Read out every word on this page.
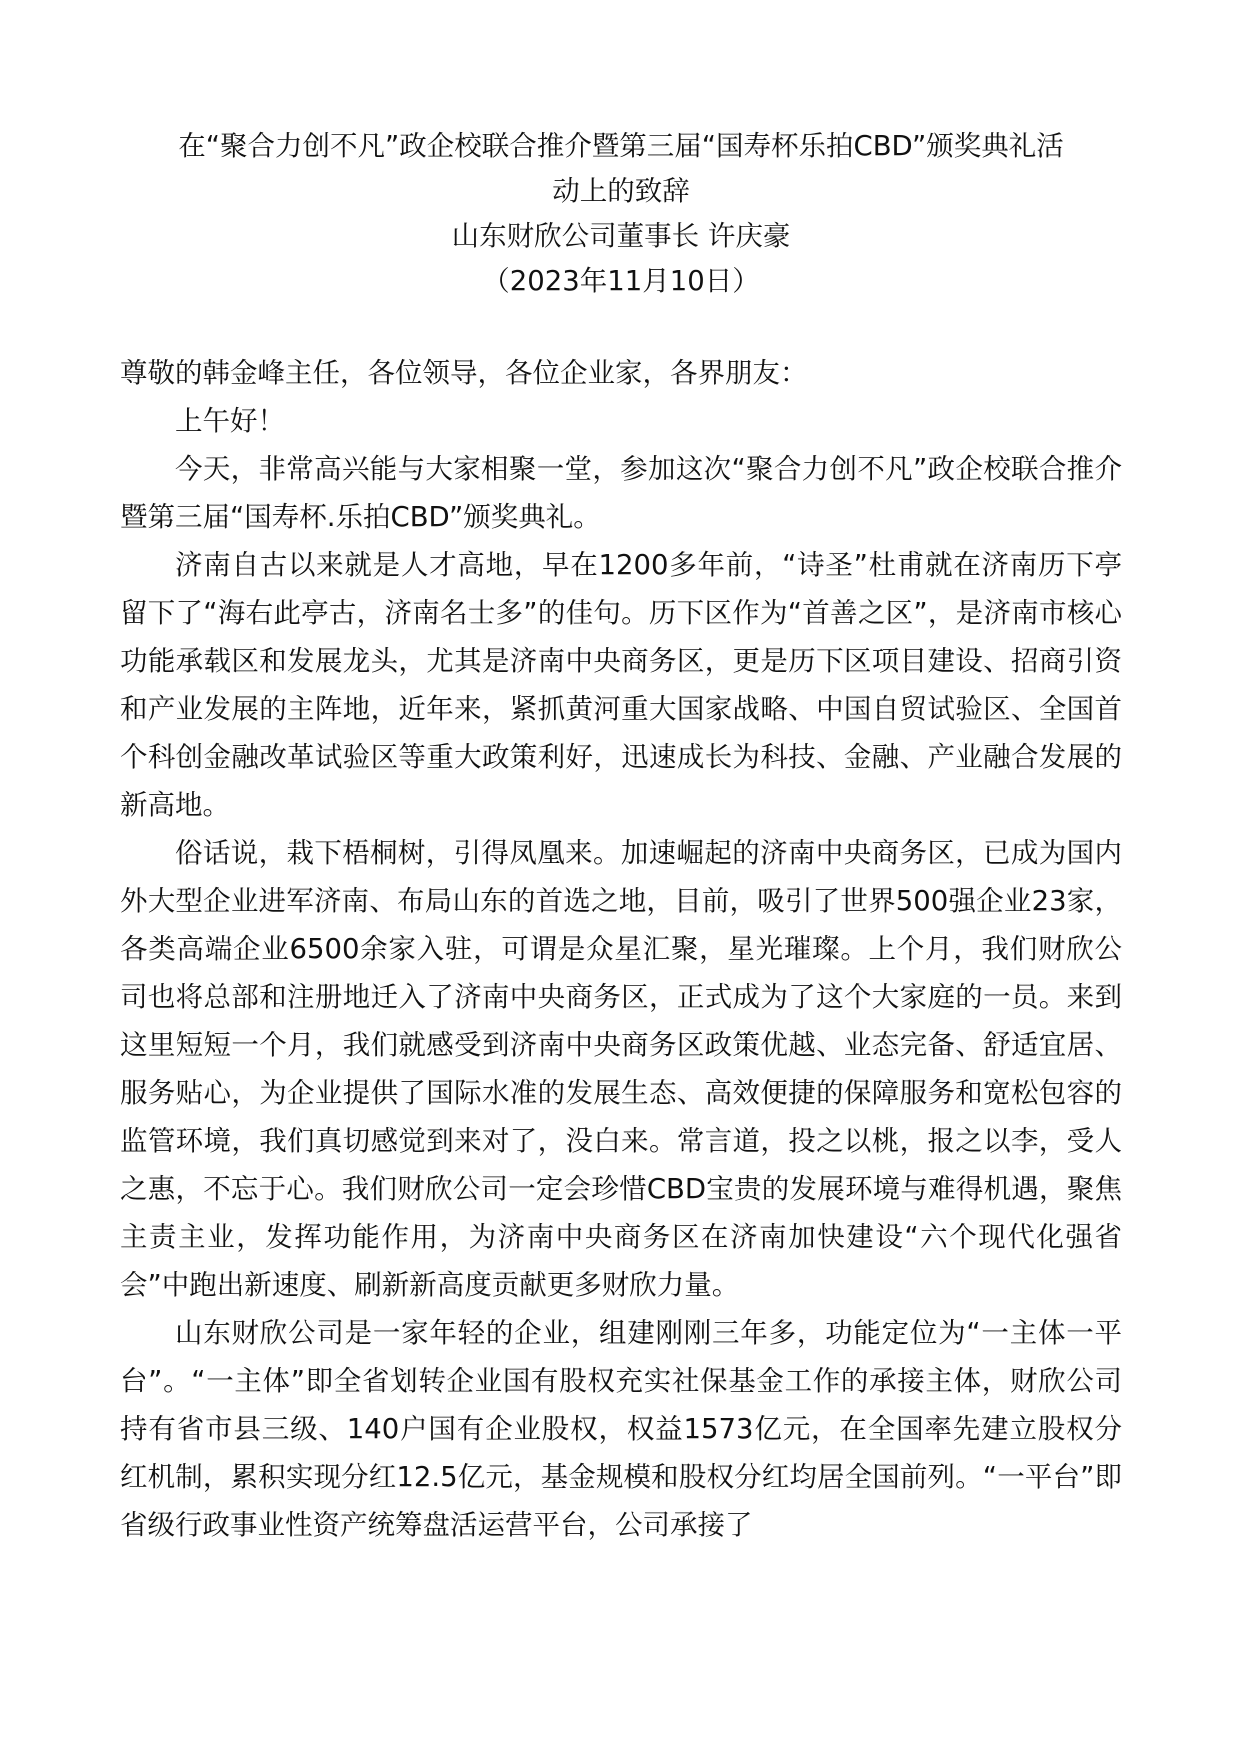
在“聚合力创不凡”政企校联合推介暨第三届“国寿杯乐拍CBD”颁奖典礼活
动上的致辞
山东财欣公司董事长 许庆豪
（2023年11月10日）

尊敬的韩金峰主任，各位领导，各位企业家，各界朋友：

上午好！

今天，非常高兴能与大家相聚一堂，参加这次“聚合力创不凡”政企校联合推介暨第三届“国寿杯.乐拍CBD”颁奖典礼。

济南自古以来就是人才高地，早在1200多年前，“诗圣”杜甫就在济南历下亭留下了“海右此亭古，济南名士多”的佳句。历下区作为“首善之区”，是济南市核心功能承载区和发展龙头，尤其是济南中央商务区，更是历下区项目建设、招商引资和产业发展的主阵地，近年来，紧抓黄河重大国家战略、中国自贸试验区、全国首个科创金融改革试验区等重大政策利好，迅速成长为科技、金融、产业融合发展的新高地。

俗话说，栽下梧桐树，引得凤凰来。加速崛起的济南中央商务区，已成为国内外大型企业进军济南、布局山东的首选之地，目前，吸引了世界500强企业23家，各类高端企业6500余家入驻，可谓是众星汇聚，星光璀璨。上个月，我们财欣公司也将总部和注册地迁入了济南中央商务区，正式成为了这个大家庭的一员。来到这里短短一个月，我们就感受到济南中央商务区政策优越、业态完备、舒适宜居、服务贴心，为企业提供了国际水准的发展生态、高效便捷的保障服务和宽松包容的监管环境，我们真切感觉到来对了，没白来。常言道，投之以桃，报之以李，受人之惠，不忘于心。我们财欣公司一定会珍惜CBD宝贵的发展环境与难得机遇，聚焦主责主业，发挥功能作用，为济南中央商务区在济南加快建设“六个现代化强省会”中跑出新速度、刷新新高度贡献更多财欣力量。

山东财欣公司是一家年轻的企业，组建刚刚三年多，功能定位为“一主体一平台”。“一主体”即全省划转企业国有股权充实社保基金工作的承接主体，财欣公司持有省市县三级、140户国有企业股权，权益1573亿元，在全国率先建立股权分红机制，累积实现分红12.5亿元，基金规模和股权分红均居全国前列。“一平台”即省级行政事业性资产统筹盘活运营平台，公司承接了
